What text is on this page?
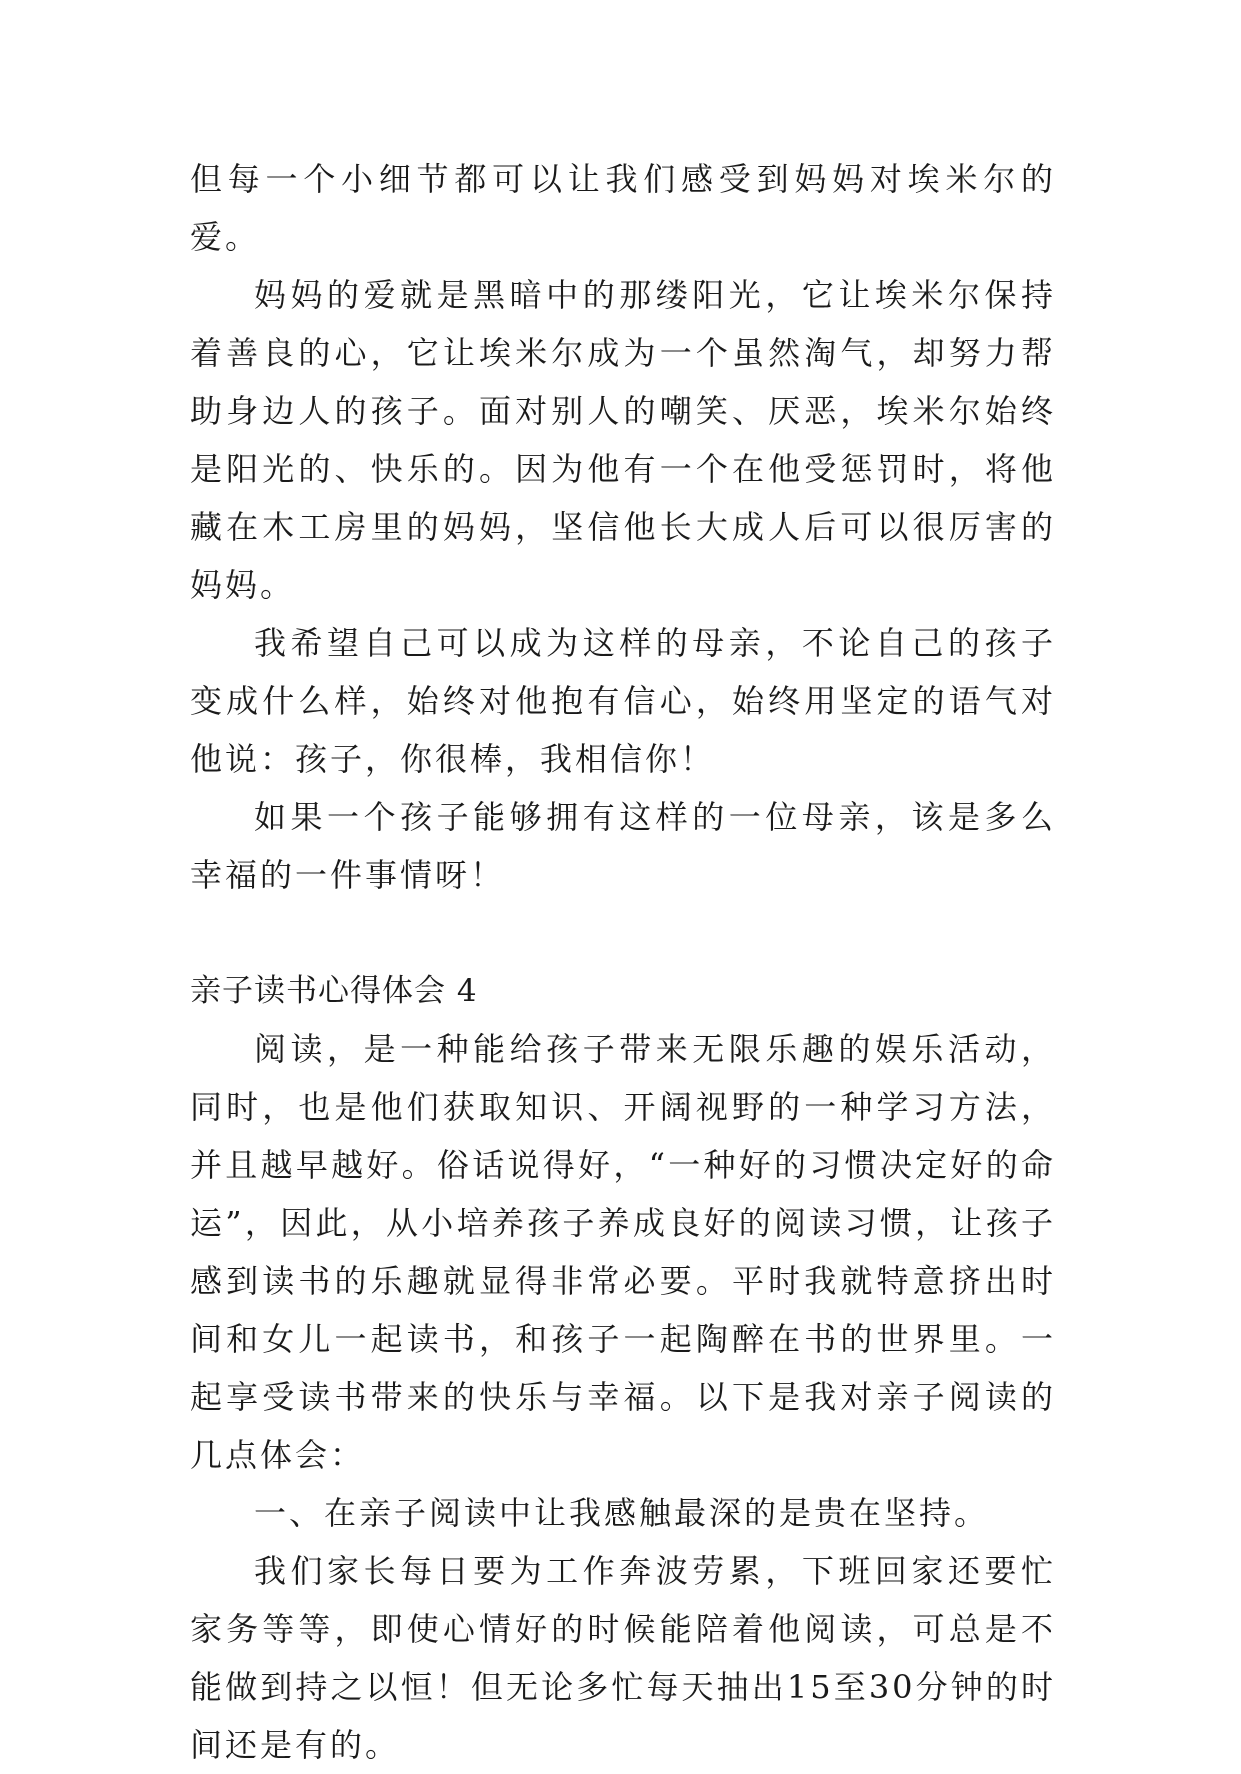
但每一个小细节都可以让我们感受到妈妈对埃米尔的爱。

妈妈的爱就是黑暗中的那缕阳光，它让埃米尔保持着善良的心，它让埃米尔成为一个虽然淘气，却努力帮助身边人的孩子。面对别人的嘲笑、厌恶，埃米尔始终是阳光的、快乐的。因为他有一个在他受惩罚时，将他藏在木工房里的妈妈，坚信他长大成人后可以很厉害的妈妈。

我希望自己可以成为这样的母亲，不论自己的孩子变成什么样，始终对他抱有信心，始终用坚定的语气对他说：孩子，你很棒，我相信你！

如果一个孩子能够拥有这样的一位母亲，该是多么幸福的一件事情呀！

亲子读书心得体会 4

阅读，是一种能给孩子带来无限乐趣的娱乐活动，同时，也是他们获取知识、开阔视野的一种学习方法，并且越早越好。俗话说得好，“一种好的习惯决定好的命运”，因此，从小培养孩子养成良好的阅读习惯，让孩子感到读书的乐趣就显得非常必要。平时我就特意挤出时间和女儿一起读书，和孩子一起陶醉在书的世界里。一起享受读书带来的快乐与幸福。以下是我对亲子阅读的几点体会：

一、在亲子阅读中让我感触最深的是贵在坚持。

我们家长每日要为工作奔波劳累，下班回家还要忙家务等等，即使心情好的时候能陪着他阅读，可总是不能做到持之以恒！但无论多忙每天抽出15至30分钟的时间还是有的。
